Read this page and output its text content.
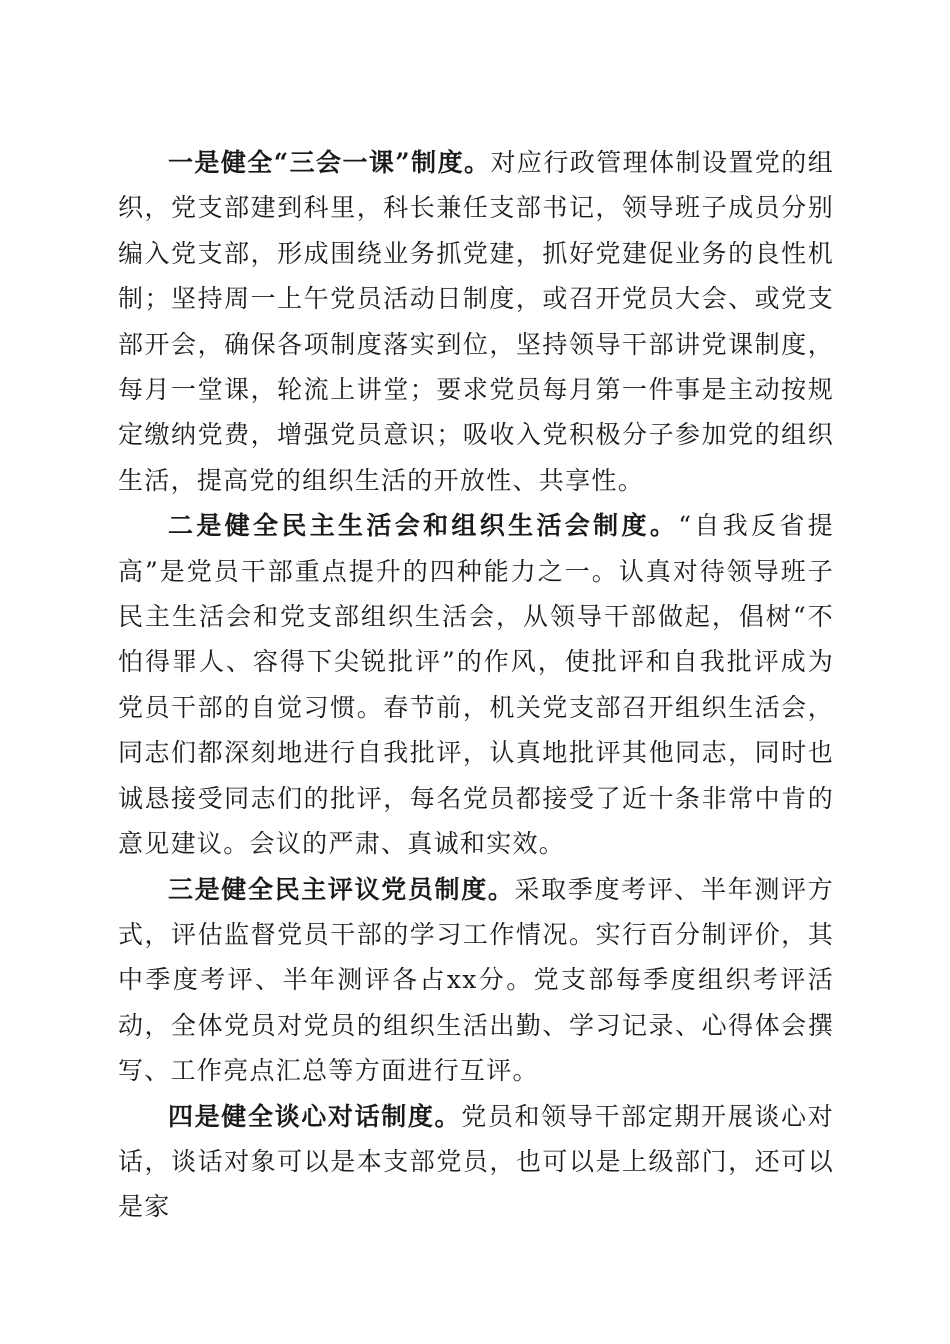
一是健全“三会一课”制度。对应行政管理体制设置党的组织，党支部建到科里，科长兼任支部书记，领导班子成员分别编入党支部，形成围绕业务抓党建，抓好党建促业务的良性机制；坚持周一上午党员活动日制度，或召开党员大会、或党支部开会，确保各项制度落实到位，坚持领导干部讲党课制度，每月一堂课，轮流上讲堂；要求党员每月第一件事是主动按规定缴纳党费，增强党员意识；吸收入党积极分子参加党的组织生活，提高党的组织生活的开放性、共享性。

二是健全民主生活会和组织生活会制度。“自我反省提高”是党员干部重点提升的四种能力之一。认真对待领导班子民主生活会和党支部组织生活会，从领导干部做起，倡树“不怕得罪人、容得下尖锐批评”的作风，使批评和自我批评成为党员干部的自觉习惯。春节前，机关党支部召开组织生活会，同志们都深刻地进行自我批评，认真地批评其他同志，同时也诚恳接受同志们的批评，每名党员都接受了近十条非常中肯的意见建议。会议的严肃、真诚和实效。

三是健全民主评议党员制度。采取季度考评、半年测评方式，评估监督党员干部的学习工作情况。实行百分制评价，其中季度考评、半年测评各占xx分。党支部每季度组织考评活动，全体党员对党员的组织生活出勤、学习记录、心得体会撰写、工作亮点汇总等方面进行互评。

四是健全谈心对话制度。党员和领导干部定期开展谈心对话，谈话对象可以是本支部党员，也可以是上级部门，还可以是家
